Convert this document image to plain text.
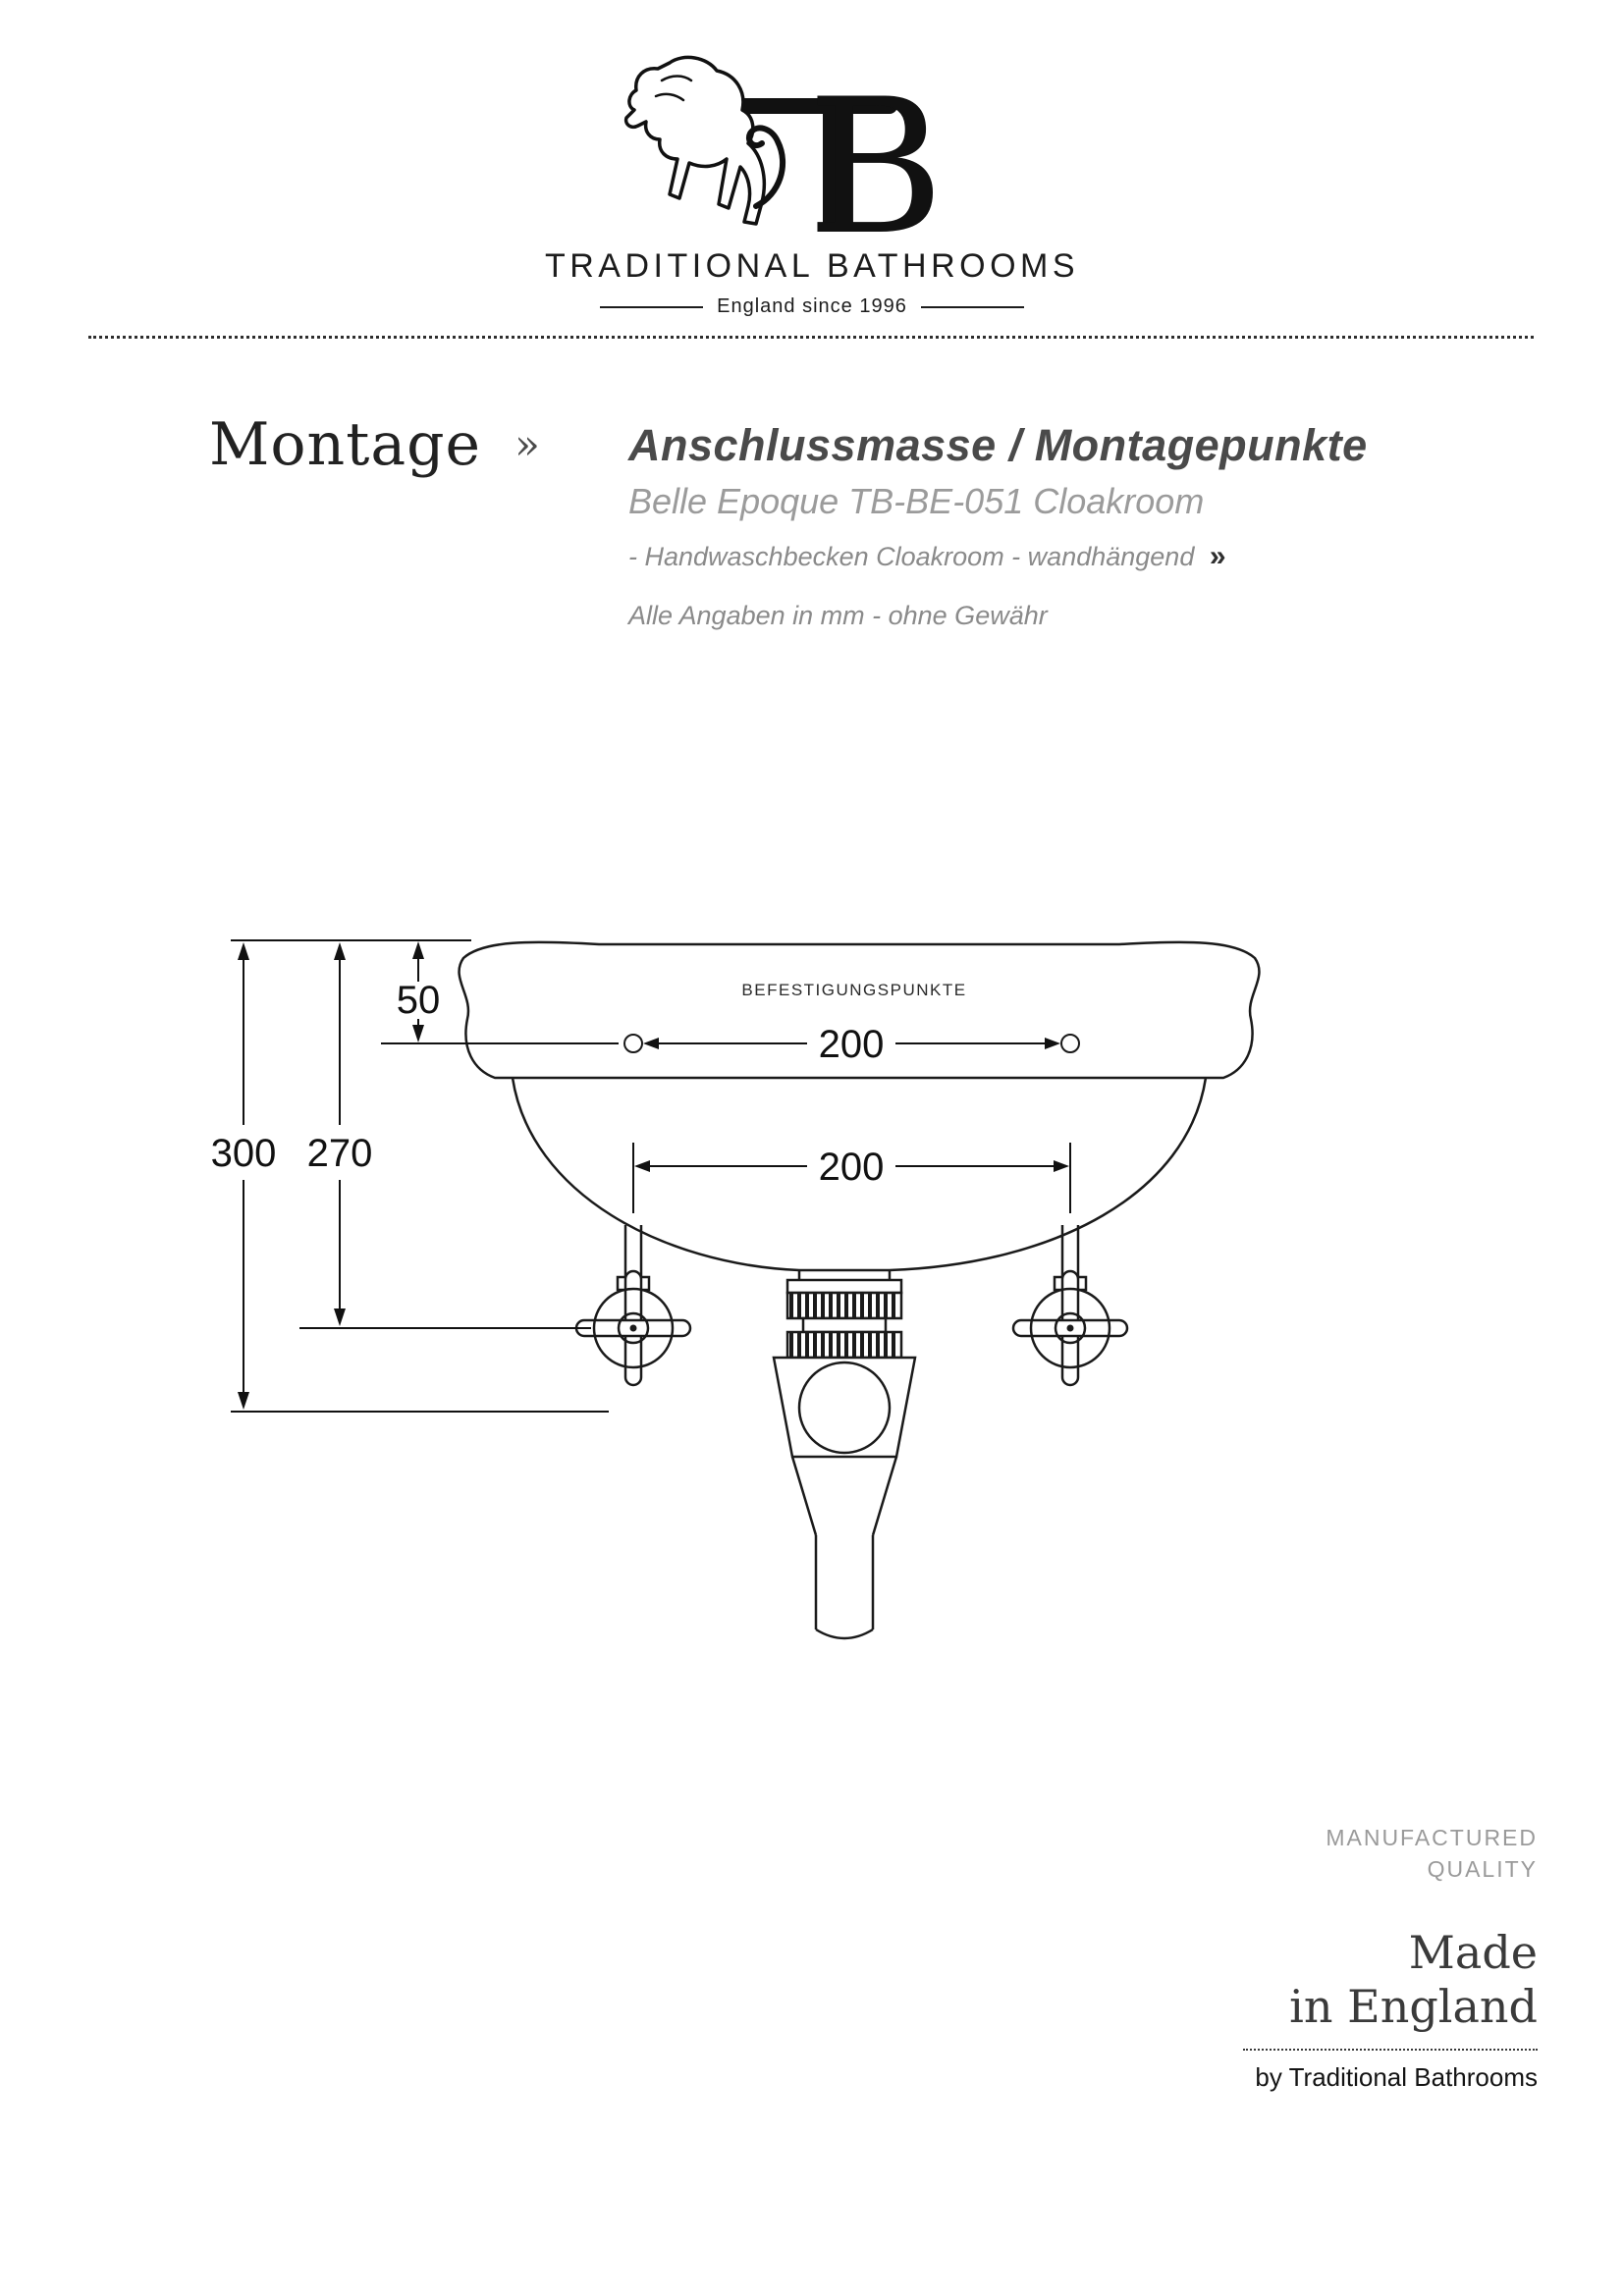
B
TRADITIONAL BATHROOMS
England since 1996
Montage » Anschlussmasse / Montagepunkte
Belle Epoque TB-BE-051 Cloakroom
- Handwaschbecken Cloakroom - wandhängend »
Alle Angaben in mm - ohne Gewähr
BEFESTIGUNGSPUNKTE
50
300 270
200
200
MANUFACTURED
QUALITY
Made
in England
by Traditional Bathrooms
